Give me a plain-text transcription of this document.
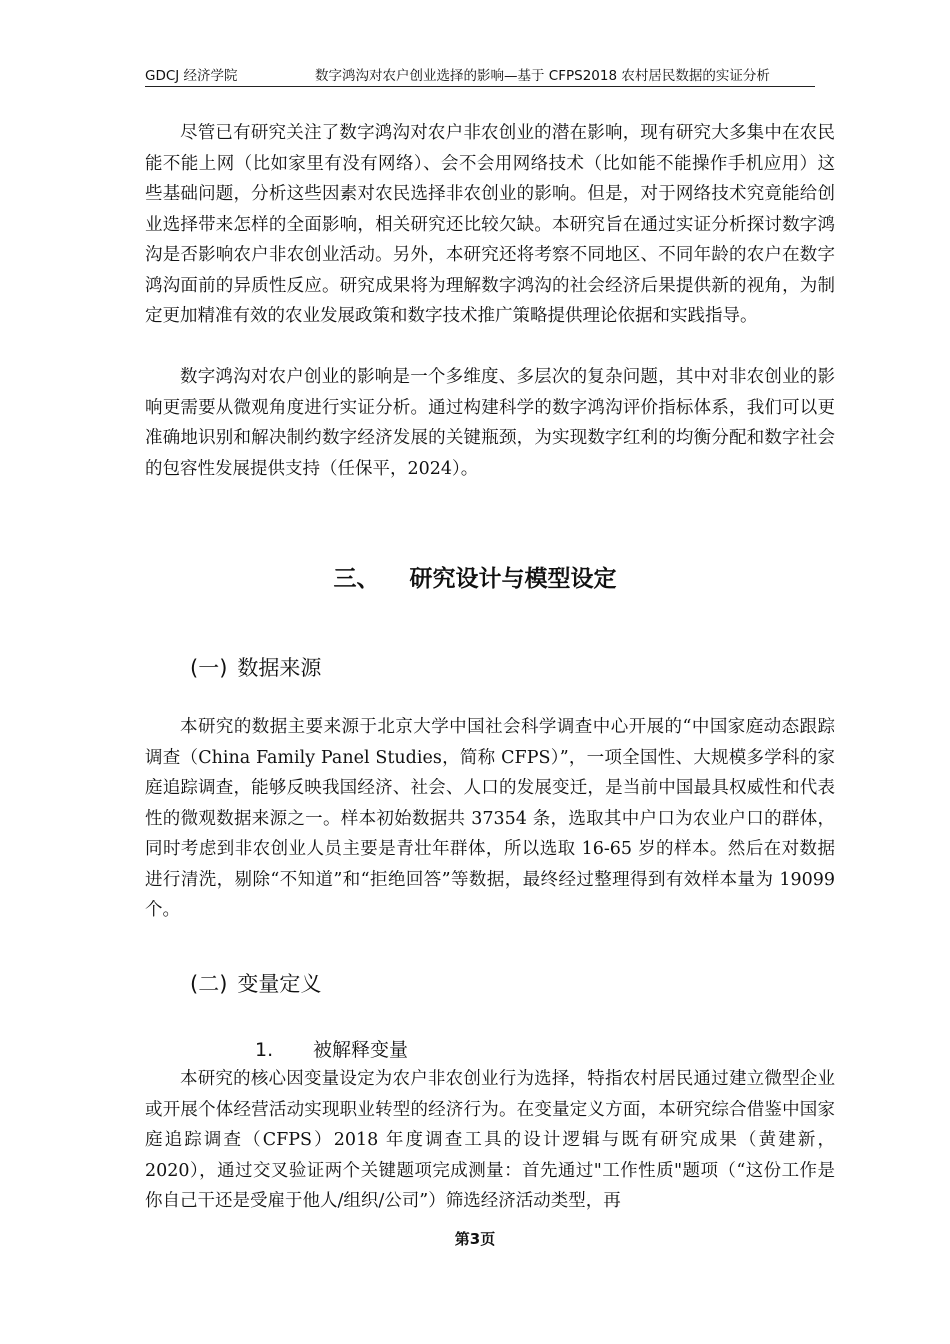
GDCJ 经济学院	数字鸿沟对农户创业选择的影响—基于 CFPS2018 农村居民数据的实证分析

尽管已有研究关注了数字鸿沟对农户非农创业的潜在影响，现有研究大多集中在农民能不能上网（比如家里有没有网络）、会不会用网络技术（比如能不能操作手机应用）这些基础问题，分析这些因素对农民选择非农创业的影响。但是，对于网络技术究竟能给创业选择带来怎样的全面影响，相关研究还比较欠缺。本研究旨在通过实证分析探讨数字鸿沟是否影响农户非农创业活动。另外，本研究还将考察不同地区、不同年龄的农户在数字鸿沟面前的异质性反应。研究成果将为理解数字鸿沟的社会经济后果提供新的视角，为制定更加精准有效的农业发展政策和数字技术推广策略提供理论依据和实践指导。

数字鸿沟对农户创业的影响是一个多维度、多层次的复杂问题，其中对非农创业的影响更需要从微观角度进行实证分析。通过构建科学的数字鸿沟评价指标体系，我们可以更准确地识别和解决制约数字经济发展的关键瓶颈，为实现数字红利的均衡分配和数字社会的包容性发展提供支持（任保平，2024）。

三、 研究设计与模型设定
(一) 数据来源

本研究的数据主要来源于北京大学中国社会科学调查中心开展的“中国家庭动态跟踪调查（China Family Panel Studies，简称 CFPS）”，一项全国性、大规模多学科的家庭追踪调查，能够反映我国经济、社会、人口的发展变迁，是当前中国最具权威性和代表性的微观数据来源之一。样本初始数据共 37354 条，选取其中户口为农业户口的群体，同时考虑到非农创业人员主要是青壮年群体，所以选取 16-65 岁的样本。然后在对数据进行清洗，剔除“不知道”和“拒绝回答”等数据，最终经过整理得到有效样本量为 19099 个。

(二) 变量定义
1. 被解释变量

本研究的核心因变量设定为农户非农创业行为选择，特指农村居民通过建立微型企业或开展个体经营活动实现职业转型的经济行为。在变量定义方面，本研究综合借鉴中国家庭追踪调查（CFPS）2018 年度调查工具的设计逻辑与既有研究成果（黄建新，2020），通过交叉验证两个关键题项完成测量：首先通过"工作性质"题项（“这份工作是你自己干还是受雇于他人/组织/公司”）筛选经济活动类型，再

第3页
